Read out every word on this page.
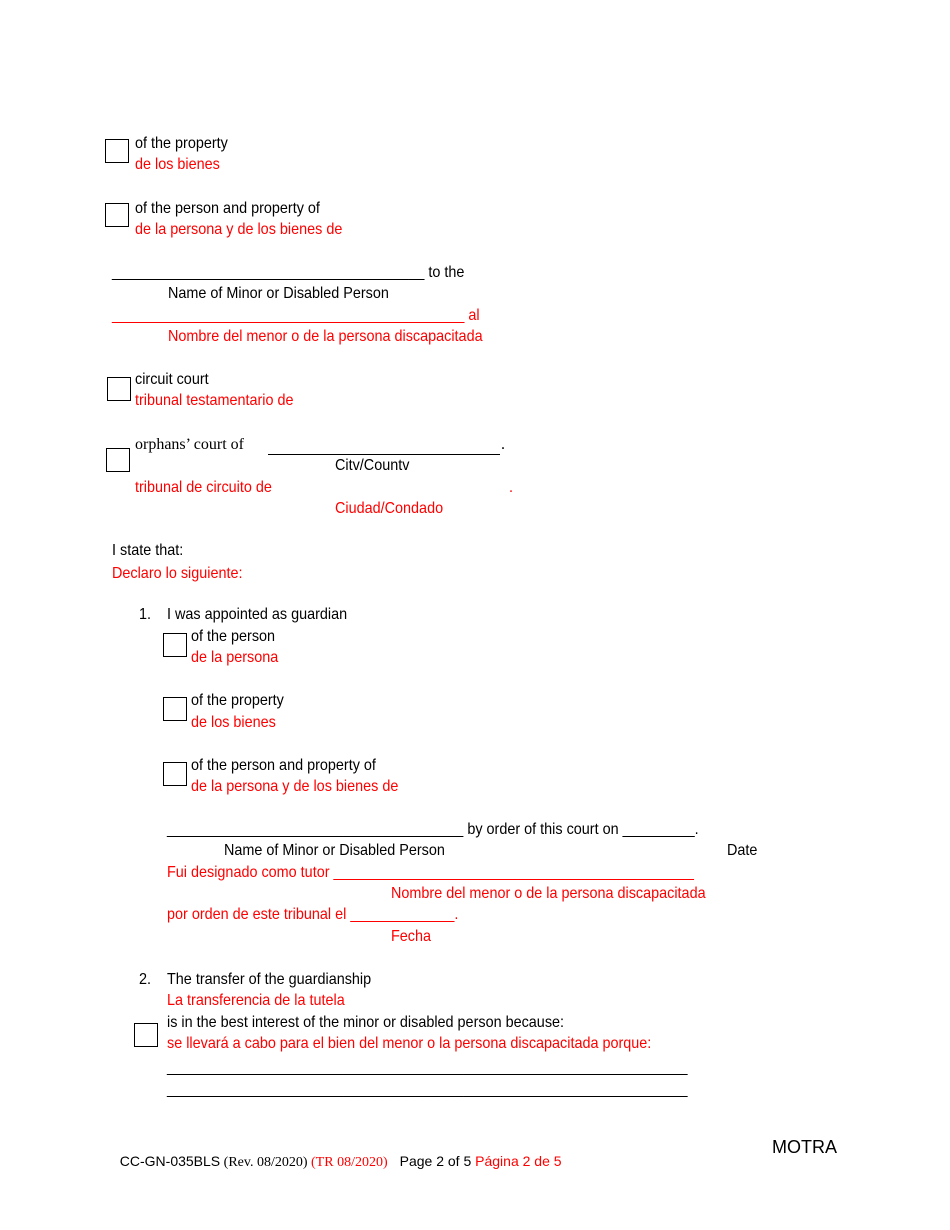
of the property
de los bienes
of the person and property of
de la persona y de los bienes de
_______________________________________ to the
Name of Minor or Disabled Person
____________________________________________ al
Nombre del menor o de la persona discapacitada
circuit court
tribunal testamentario de
orphans’ court of	.
Citv/Countv
tribunal de circuito de	.
Ciudad/Condado
I state that:
Declaro lo siguiente:
1. I was appointed as guardian
of the person
de la persona
of the property
de los bienes
of the person and property of
de la persona y de los bienes de
_____________________________________ by order of this court on _________.
Name of Minor or Disabled Person	Date
Fui designado como tutor _____________________________________________
Nombre del menor o de la persona discapacitada
por orden de este tribunal el _____________.
Fecha
2. The transfer of the guardianship
La transferencia de la tutela
is in the best interest of the minor or disabled person because:
se llevará a cabo para el bien del menor o la persona discapacitada porque:
_________________________________________________________________
_________________________________________________________________

CC-GN-035BLS (Rev. 08/2020) (TR 08/2020) Page 2 of 5 Página 2 de 5

MOTRA
